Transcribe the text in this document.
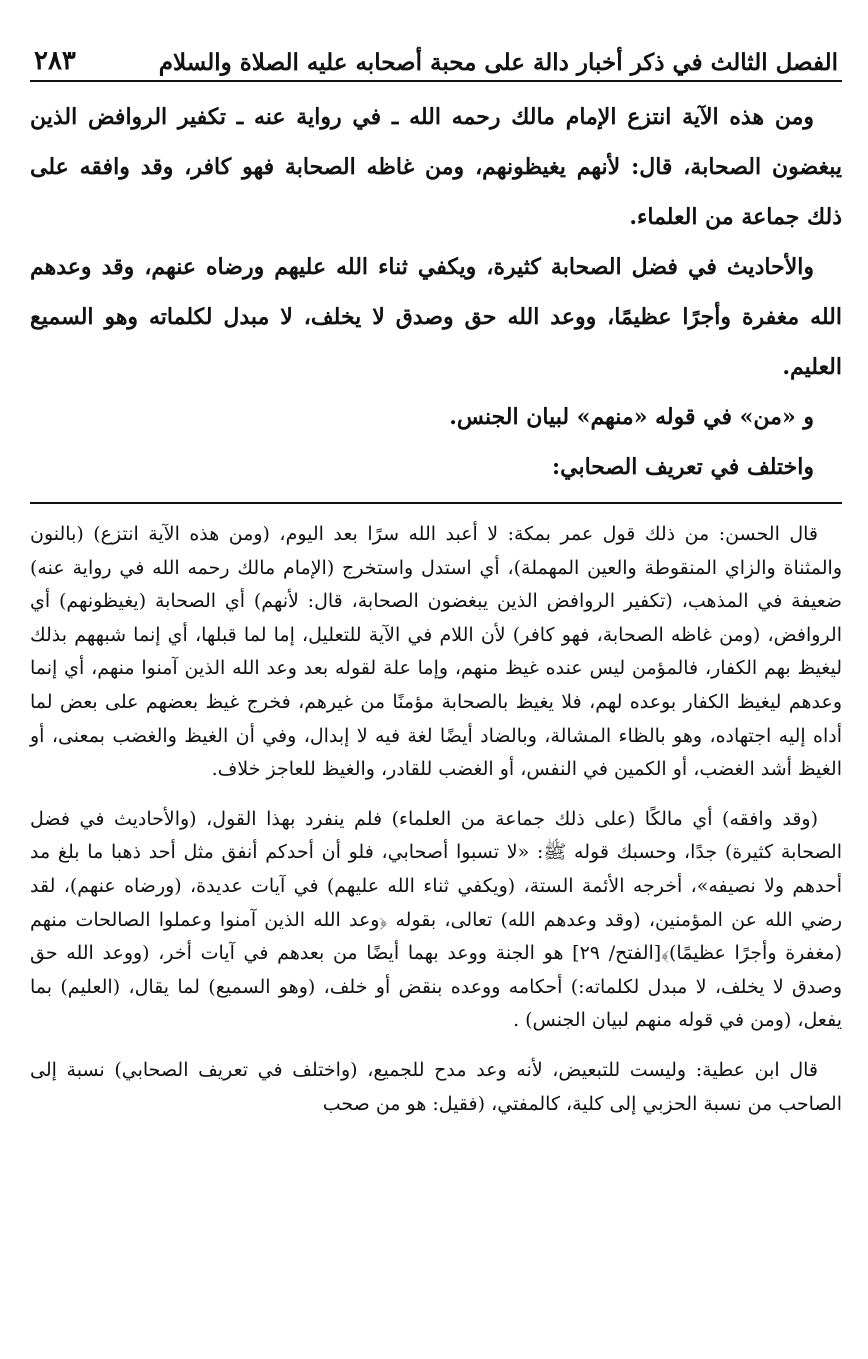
الفصل الثالث في ذكر أخبار دالة على محبة أصحابه عليه الصلاة والسلام
٢٨٣

ومن هذه الآية انتزع الإمام مالك رحمه الله ـ في رواية عنه ـ تكفير الروافض الذين يبغضون الصحابة، قال: لأنهم يغيظونهم، ومن غاظه الصحابة فهو كافر، وقد وافقه على ذلك جماعة من العلماء.

والأحاديث في فضل الصحابة كثيرة، ويكفي ثناء الله عليهم ورضاه عنهم، وقد وعدهم الله مغفرة وأجرًا عظيمًا، ووعد الله حق وصدق لا يخلف، لا مبدل لكلماته وهو السميع العليم.

و «من» في قوله «منهم» لبيان الجنس.

واختلف في تعريف الصحابي:

قال الحسن: من ذلك قول عمر بمكة: لا أعبد الله سرًا بعد اليوم، (ومن هذه الآية انتزع) (بالنون والمثناة والزاي المنقوطة والعين المهملة)، أي استدل واستخرج (الإمام مالك رحمه الله في رواية عنه) ضعيفة في المذهب، (تكفير الروافض الذين يبغضون الصحابة، قال: لأنهم) أي الصحابة (يغيظونهم) أي الروافض، (ومن غاظه الصحابة، فهو كافر) لأن اللام في الآية للتعليل، إما لما قبلها، أي إنما شبههم بذلك ليغيظ بهم الكفار، فالمؤمن ليس عنده غيظ منهم، وإما علة لقوله بعد وعد الله الذين آمنوا منهم، أي إنما وعدهم ليغيظ الكفار بوعده لهم، فلا يغيظ بالصحابة مؤمنًا من غيرهم، فخرج غيظ بعضهم على بعض لما أداه إليه اجتهاده، وهو بالظاء المشالة، وبالضاد أيضًا لغة فيه لا إبدال، وفي أن الغيظ والغضب بمعنى، أو الغيظ أشد الغضب، أو الكمين في النفس، أو الغضب للقادر، والغيظ للعاجز خلاف.

(وقد وافقه) أي مالكًا (على ذلك جماعة من العلماء) فلم ينفرد بهذا القول، (والأحاديث في فضل الصحابة كثيرة) جدًا، وحسبك قوله ﷺ: «لا تسبوا أصحابي، فلو أن أحدكم أنفق مثل أحد ذهبا ما بلغ مد أحدهم ولا نصيفه»، أخرجه الأئمة الستة، (ويكفي ثناء الله عليهم) في آيات عديدة، (ورضاه عنهم)، لقد رضي الله عن المؤمنين، (وقد وعدهم الله) تعالى، بقوله ﴿وعد الله الذين آمنوا وعملوا الصالحات منهم (مغفرة وأجرًا عظيمًا)﴾[الفتح/ ٢٩] هو الجنة ووعد بهما أيضًا من بعدهم في آيات أخر، (ووعد الله حق وصدق لا يخلف، لا مبدل لكلماته:) أحكامه ووعده بنقض أو خلف، (وهو السميع) لما يقال، (العليم) بما يفعل، (ومن في قوله منهم لبيان الجنس) .

قال ابن عطية: وليست للتبعيض، لأنه وعد مدح للجميع، (واختلف في تعريف الصحابي) نسبة إلى الصاحب من نسبة الحزبي إلى كلية، كالمفتي، (فقيل: هو من صحب
